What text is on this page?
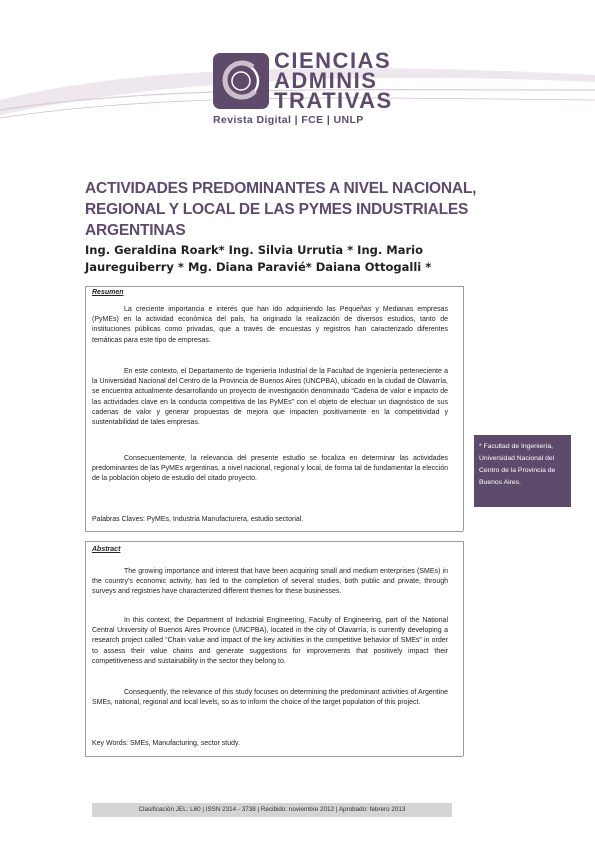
CIENCIAS
ADMINIS
TRATIVAS
Revista Digital | FCE | UNLP
ACTIVIDADES PREDOMINANTES A NIVEL NACIONAL, REGIONAL Y LOCAL DE LAS PYMES INDUSTRIALES ARGENTINAS
Ing. Geraldina Roark* Ing. Silvia Urrutia * Ing. Mario Jaureguiberry * Mg. Diana Paravié* Daiana Ottogalli *
Resumen

La creciente importancia e interés que han ido adquiriendo las Pequeñas y Medianas empresas (PyMEs) en la actividad económica del país, ha originado la realización de diversos estudios, tanto de instituciones públicas como privadas, que a través de encuestas y registros han caracterizado diferentes temáticas para este tipo de empresas.

En este contexto, el Departamento de Ingeniería Industrial de la Facultad de Ingeniería perteneciente a la Universidad Nacional del Centro de la Provincia de Buenos Aires (UNCPBA), ubicado en la ciudad de Olavarría, se encuentra actualmente desarrollando un proyecto de investigación denominado “Cadena de valor e impacto de las actividades clave en la conducta competitiva de las PyMEs” con el objeto de efectuar un diagnóstico de sus cadenas de valor y generar propuestas de mejora que impacten positivamente en la competitividad y sustentabilidad de tales empresas.

Consecuentemente, la relevancia del presente estudio se focaliza en determinar las actividades predominantes de las PyMEs argentinas, a nivel nacional, regional y local, de forma tal de fundamentar la elección de la población objeto de estudio del citado proyecto.

Palabras Claves: PyMEs, Industria Manufacturera, estudio sectorial.
* Facultad de Ingeniería, Universidad Nacional del Centro de la Provincia de Buenos Aires.
Abstract

The growing importance and interest that have been acquiring small and medium enterprises (SMEs) in the country's economic activity, has led to the completion of several studies, both public and private, through surveys and registries have characterized different themes for these businesses.

In this context, the Department of Industrial Engineering, Faculty of Engineering, part of the National Central University of Buenos Aires Province (UNCPBA), located in the city of Olavarría, is currently developing a research project called “Chain value and impact of the key activities in the competitive behavior of SMEs” in order to assess their value chains and generate suggestions for improvements that positively impact their competitiveness and sustainability in the sector they belong to.

Consequently, the relevance of this study focuses on determining the predominant activities of Argentine SMEs, national, regional and local levels, so as to inform the choice of the target population of this project.

Key Words: SMEs, Manufacturing, sector study.
Clasificación JEL: L60 | ISSN 2314 - 3738 | Recibido: noviembre 2012 | Aprobado: febrero 2013
